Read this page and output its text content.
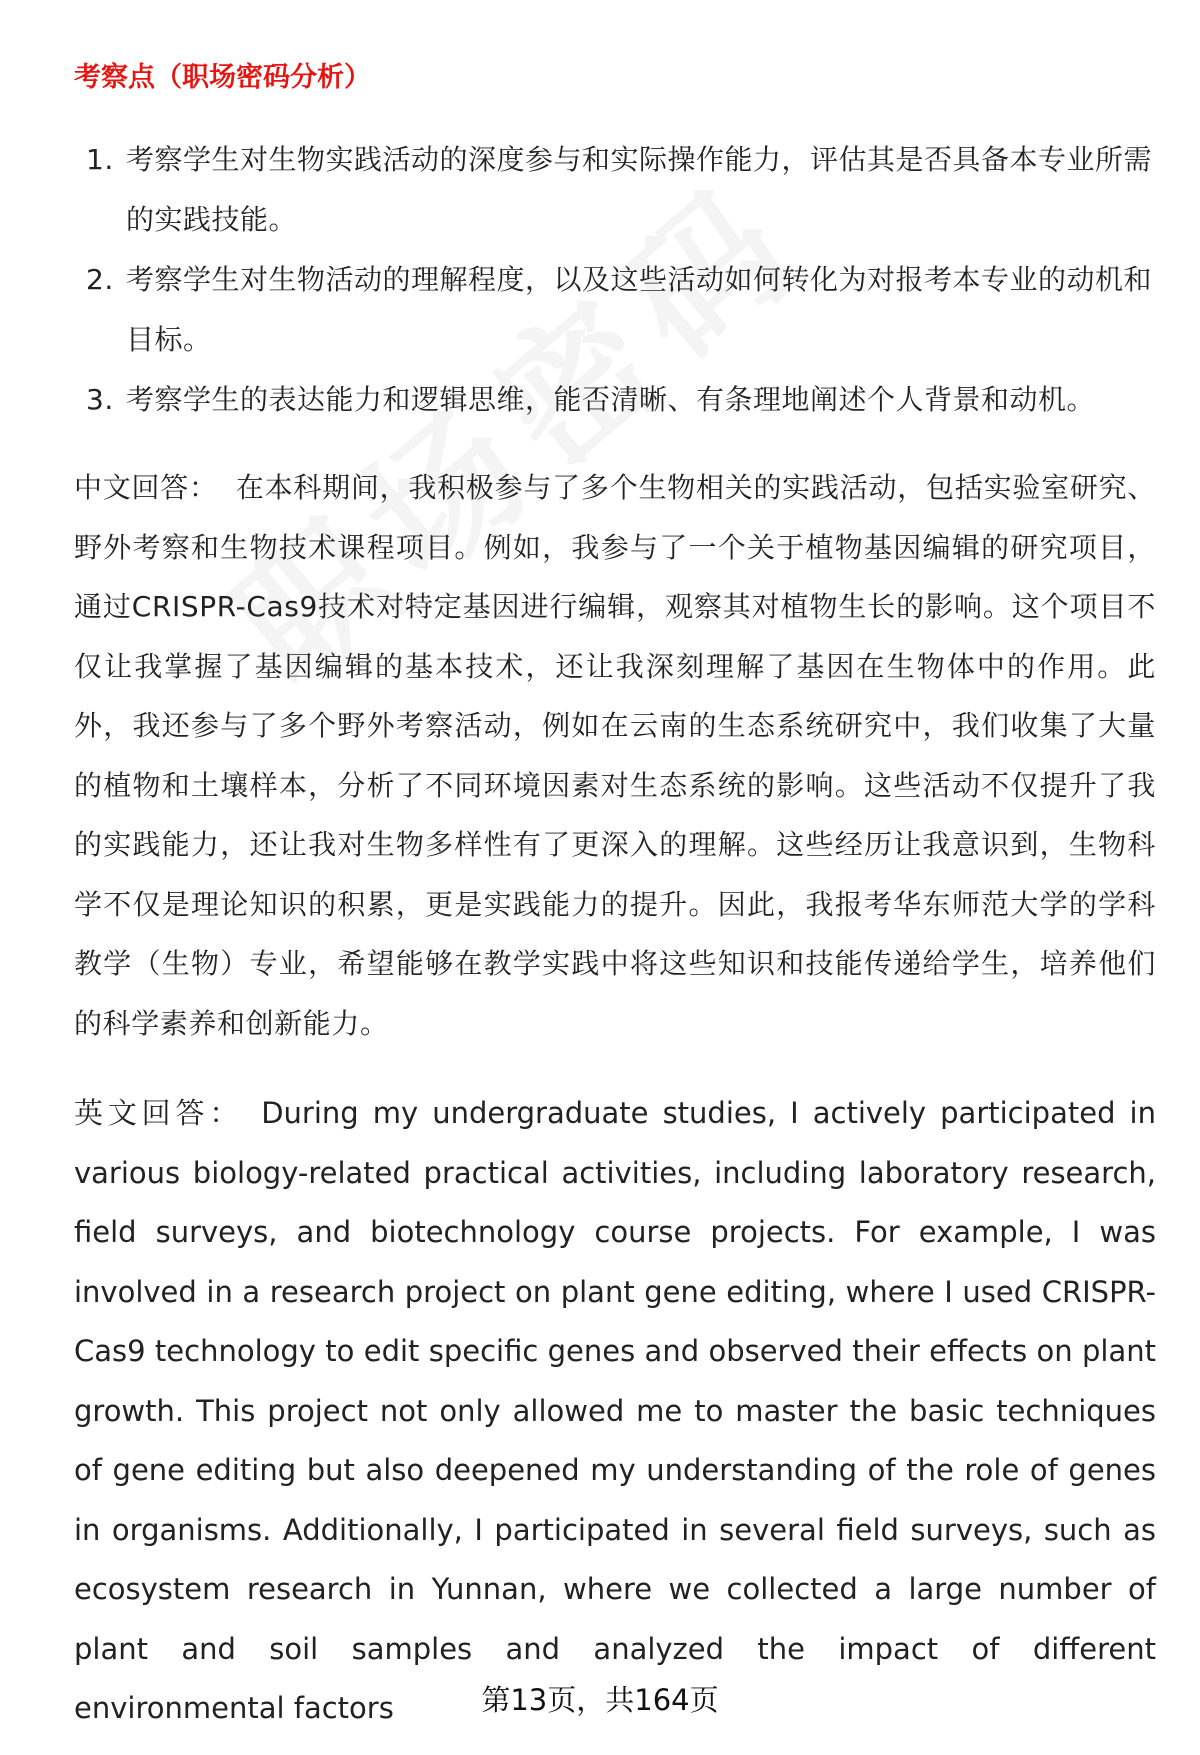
考察点（职场密码分析）
1. 考察学生对生物实践活动的深度参与和实际操作能力，评估其是否具备本专业所需的实践技能。
2. 考察学生对生物活动的理解程度，以及这些活动如何转化为对报考本专业的动机和目标。
3. 考察学生的表达能力和逻辑思维，能否清晰、有条理地阐述个人背景和动机。

中文回答： 在本科期间，我积极参与了多个生物相关的实践活动，包括实验室研究、野外考察和生物技术课程项目。例如，我参与了一个关于植物基因编辑的研究项目，通过CRISPR-Cas9技术对特定基因进行编辑，观察其对植物生长的影响。这个项目不仅让我掌握了基因编辑的基本技术，还让我深刻理解了基因在生物体中的作用。此外，我还参与了多个野外考察活动，例如在云南的生态系统研究中，我们收集了大量的植物和土壤样本，分析了不同环境因素对生态系统的影响。这些活动不仅提升了我的实践能力，还让我对生物多样性有了更深入的理解。这些经历让我意识到，生物科学不仅是理论知识的积累，更是实践能力的提升。因此，我报考华东师范大学的学科教学（生物）专业，希望能够在教学实践中将这些知识和技能传递给学生，培养他们的科学素养和创新能力。

英文回答： During my undergraduate studies, I actively participated in various biology-related practical activities, including laboratory research, field surveys, and biotechnology course projects. For example, I was involved in a research project on plant gene editing, where I used CRISPR-Cas9 technology to edit specific genes and observed their effects on plant growth. This project not only allowed me to master the basic techniques of gene editing but also deepened my understanding of the role of genes in organisms. Additionally, I participated in several field surveys, such as ecosystem research in Yunnan, where we collected a large number of plant and soil samples and analyzed the impact of different environmental factors	第13页，共164页
